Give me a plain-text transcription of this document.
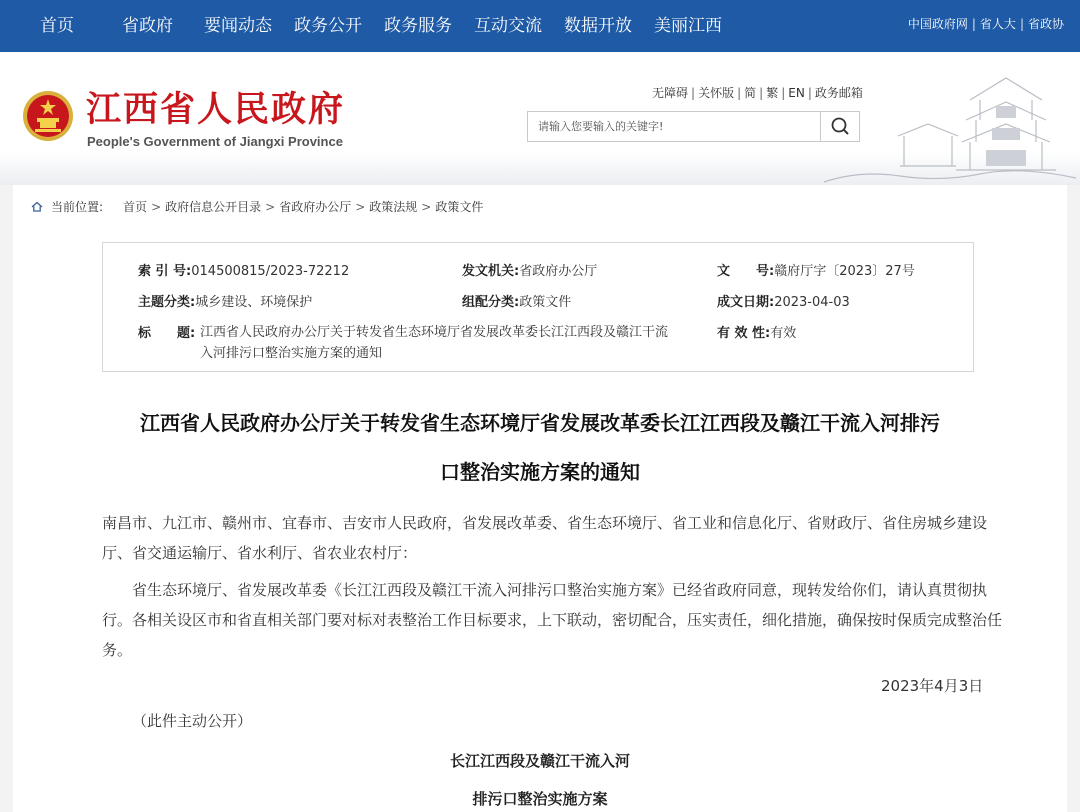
首页	省政府 要闻动态 政务公开 政务服务 互动交流 数据开放 美丽江西	中国政府网 | 省人大 | 省政协
江西省人民政府
People's Government of Jiangxi Province
无障碍 | 关怀版 | 简 | 繁 | EN | 政务邮箱
请输入您要输入的关键字!
当前位置: 首页 > 政府信息公开目录 > 省政府办公厅 > 政策法规 > 政策文件
索 引 号:014500815/2023-72212	发文机关:省政府办公厅	文　　号:赣府厅字〔2023〕27号
主题分类:城乡建设、环境保护	组配分类:政策文件	成文日期:2023-04-03
标　　题: 江西省人民政府办公厅关于转发省生态环境厅省发展改革委长江江西段及赣江干流
入河排污口整治实施方案的通知
有 效 性:有效
江西省人民政府办公厅关于转发省生态环境厅省发展改革委长江江西段及赣江干流入河排污
口整治实施方案的通知
南昌市、九江市、赣州市、宜春市、吉安市人民政府，省发展改革委、省生态环境厅、省工业和信息化厅、省财政厅、省住房城乡建设
厅、省交通运输厅、省水利厅、省农业农村厅：
省生态环境厅、省发展改革委《长江江西段及赣江干流入河排污口整治实施方案》已经省政府同意，现转发给你们，请认真贯彻执
行。各相关设区市和省直相关部门要对标对表整治工作目标要求，上下联动，密切配合，压实责任，细化措施，确保按时保质完成整治任
务。
2023年4月3日
（此件主动公开）
长江江西段及赣江干流入河
排污口整治实施方案
